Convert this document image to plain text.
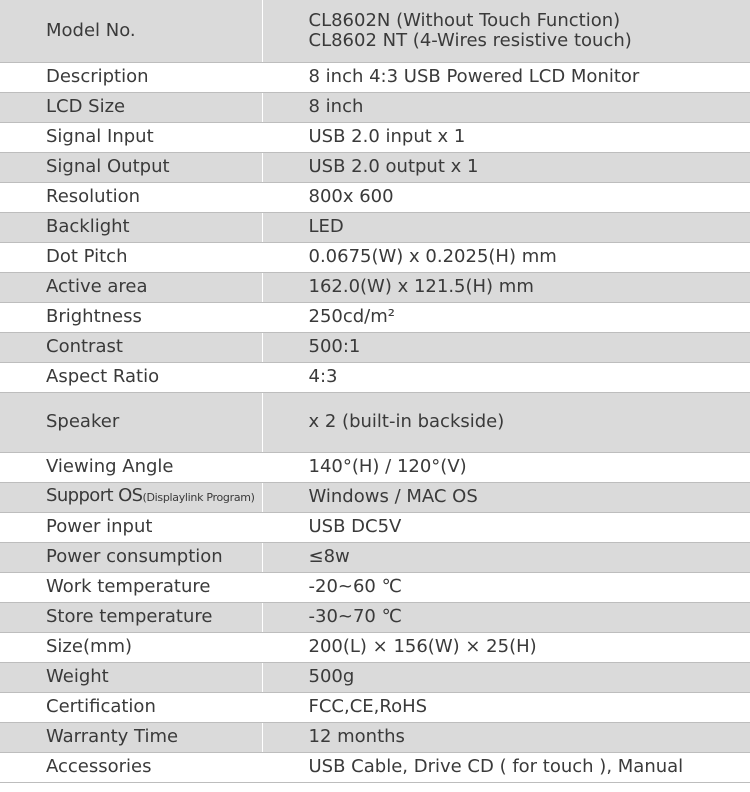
Model No.	CL8602N (Without Touch Function)
CL8602 NT (4-Wires resistive touch)

Description	8 inch 4:3 USB Powered LCD Monitor
LCD Size	8 inch
Signal Input	USB 2.0 input x 1
Signal Output	USB 2.0 output x 1
Resolution	800x 600
Backlight	LED
Dot Pitch	0.0675(W) x 0.2025(H) mm
Active area	162.0(W) x 121.5(H) mm
Brightness	250cd/m²
Contrast	500:1
Aspect Ratio	4:3
Speaker	x 2 (built-in backside)
Viewing Angle	140°(H) / 120°(V)
Support OS(Displaylink Program)	Windows / MAC OS
Power input	USB DC5V
Power consumption	≤8w
Work temperature	-20~60 ℃
Store temperature	-30~70 ℃
Size(mm)	200(L) × 156(W) × 25(H)
Weight	500g
Certification	FCC,CE,RoHS
Warranty Time	12 months
Accessories	USB Cable, Drive CD ( for touch ), Manual
